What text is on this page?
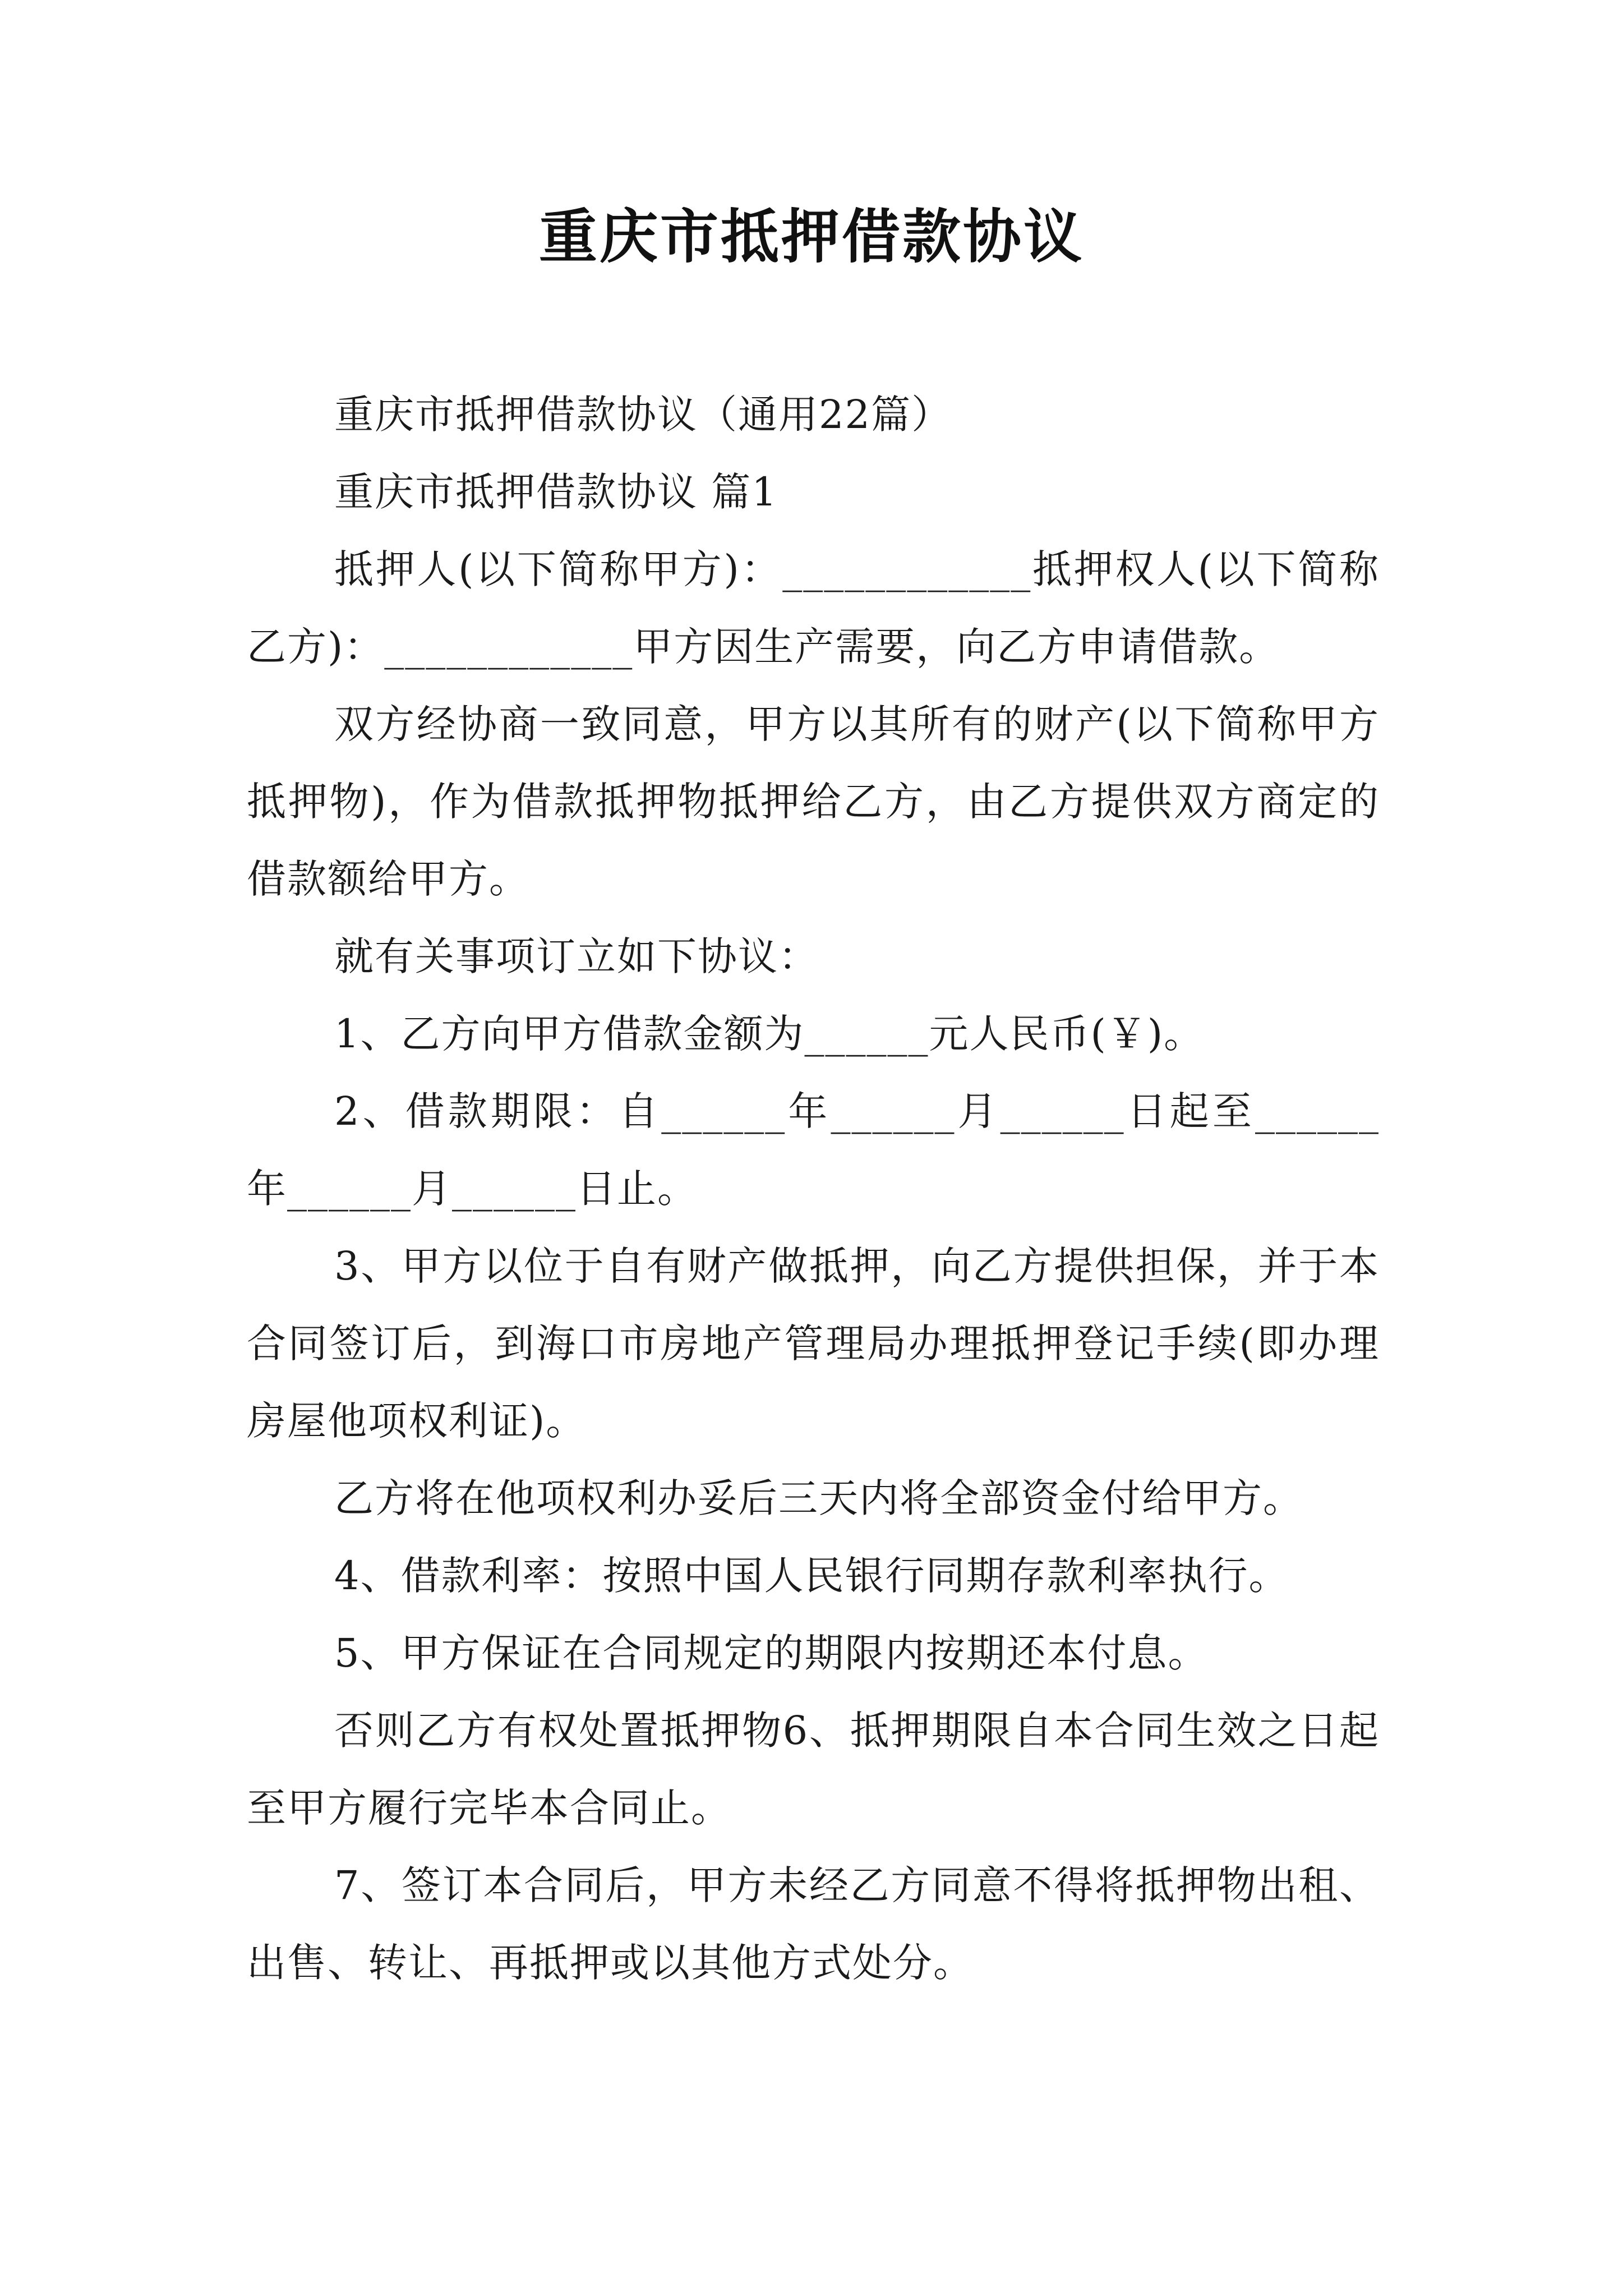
重庆市抵押借款协议

重庆市抵押借款协议（通用22篇）

重庆市抵押借款协议 篇1

抵押人(以下简称甲方)：____________抵押权人(以下简称乙方)：____________甲方因生产需要，向乙方申请借款。

双方经协商一致同意，甲方以其所有的财产(以下简称甲方抵押物)，作为借款抵押物抵押给乙方，由乙方提供双方商定的借款额给甲方。

就有关事项订立如下协议：

1、乙方向甲方借款金额为______元人民币(￥)。

2、借款期限：自______年______月______日起至______年______月______日止。

3、甲方以位于自有财产做抵押，向乙方提供担保，并于本合同签订后，到海口市房地产管理局办理抵押登记手续(即办理房屋他项权利证)。

乙方将在他项权利办妥后三天内将全部资金付给甲方。

4、借款利率：按照中国人民银行同期存款利率执行。

5、甲方保证在合同规定的期限内按期还本付息。

否则乙方有权处置抵押物6、抵押期限自本合同生效之日起至甲方履行完毕本合同止。

7、签订本合同后，甲方未经乙方同意不得将抵押物出租、出售、转让、再抵押或以其他方式处分。
